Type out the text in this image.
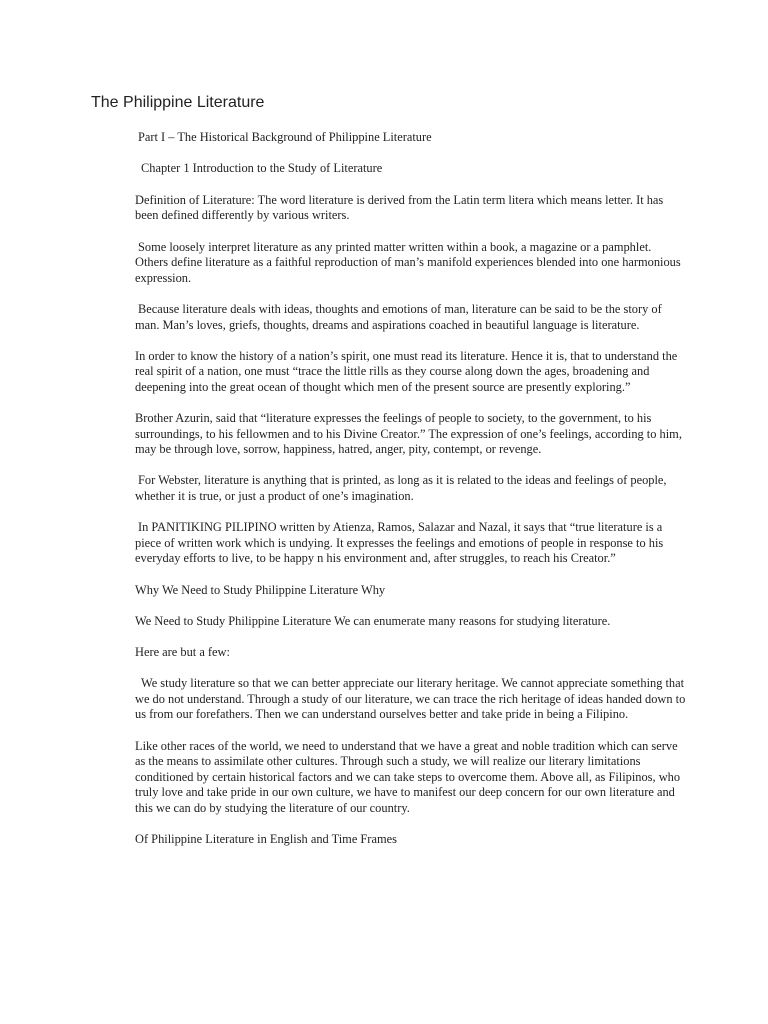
The Philippine Literature

Part I – The Historical Background of Philippine Literature

Chapter 1 Introduction to the Study of Literature

Definition of Literature: The word literature is derived from the Latin term litera which means letter. It has been defined differently by various writers.

Some loosely interpret literature as any printed matter written within a book, a magazine or a pamphlet. Others define literature as a faithful reproduction of man’s manifold experiences blended into one harmonious expression.

Because literature deals with ideas, thoughts and emotions of man, literature can be said to be the story of man. Man’s loves, griefs, thoughts, dreams and aspirations coached in beautiful language is literature.

In order to know the history of a nation’s spirit, one must read its literature. Hence it is, that to understand the real spirit of a nation, one must “trace the little rills as they course along down the ages, broadening and deepening into the great ocean of thought which men of the present source are presently exploring.”

Brother Azurin, said that “literature expresses the feelings of people to society, to the government, to his surroundings, to his fellowmen and to his Divine Creator.” The expression of one’s feelings, according to him, may be through love, sorrow, happiness, hatred, anger, pity, contempt, or revenge.

For Webster, literature is anything that is printed, as long as it is related to the ideas and feelings of people, whether it is true, or just a product of one’s imagination.

In PANITIKING PILIPINO written by Atienza, Ramos, Salazar and Nazal, it says that “true literature is a piece of written work which is undying. It expresses the feelings and emotions of people in response to his everyday efforts to live, to be happy n his environment and, after struggles, to reach his Creator.”

Why We Need to Study Philippine Literature Why

We Need to Study Philippine Literature We can enumerate many reasons for studying literature.

Here are but a few:

We study literature so that we can better appreciate our literary heritage. We cannot appreciate something that we do not understand. Through a study of our literature, we can trace the rich heritage of ideas handed down to us from our forefathers. Then we can understand ourselves better and take pride in being a Filipino.

Like other races of the world, we need to understand that we have a great and noble tradition which can serve as the means to assimilate other cultures. Through such a study, we will realize our literary limitations conditioned by certain historical factors and we can take steps to overcome them. Above all, as Filipinos, who truly love and take pride in our own culture, we have to manifest our deep concern for our own literature and this we can do by studying the literature of our country.

Of Philippine Literature in English and Time Frames
